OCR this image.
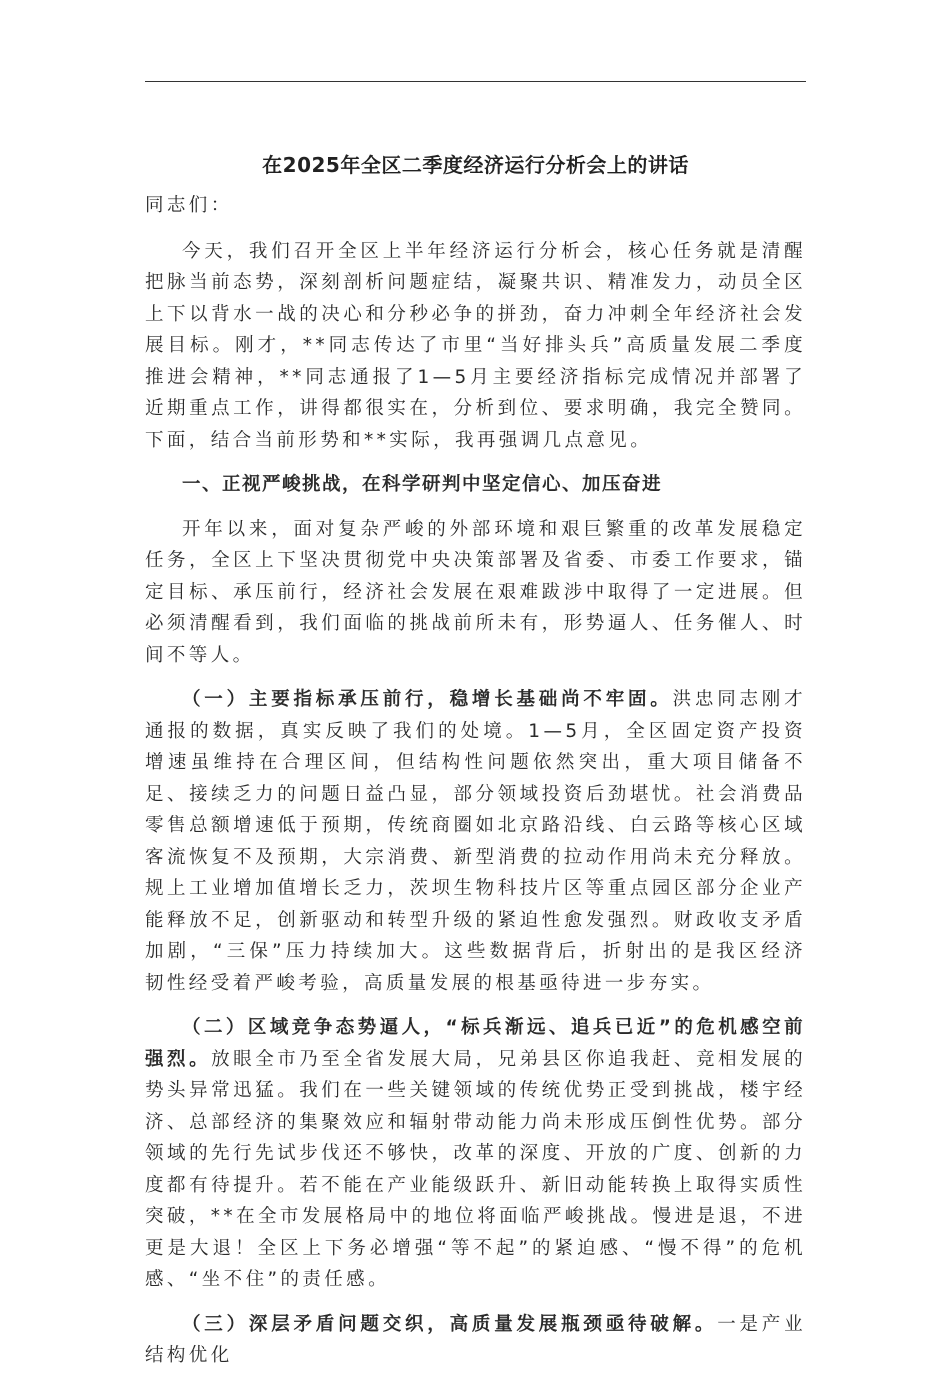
在2025年全区二季度经济运行分析会上的讲话

同志们：

今天，我们召开全区上半年经济运行分析会，核心任务就是清醒把脉当前态势，深刻剖析问题症结，凝聚共识、精准发力，动员全区上下以背水一战的决心和分秒必争的拼劲，奋力冲刺全年经济社会发展目标。刚才，**同志传达了市里“当好排头兵”高质量发展二季度推进会精神，**同志通报了1—5月主要经济指标完成情况并部署了近期重点工作，讲得都很实在，分析到位、要求明确，我完全赞同。下面，结合当前形势和**实际，我再强调几点意见。

一、正视严峻挑战，在科学研判中坚定信心、加压奋进

开年以来，面对复杂严峻的外部环境和艰巨繁重的改革发展稳定任务，全区上下坚决贯彻党中央决策部署及省委、市委工作要求，锚定目标、承压前行，经济社会发展在艰难跋涉中取得了一定进展。但必须清醒看到，我们面临的挑战前所未有，形势逼人、任务催人、时间不等人。

（一）主要指标承压前行，稳增长基础尚不牢固。洪忠同志刚才通报的数据，真实反映了我们的处境。1—5月，全区固定资产投资增速虽维持在合理区间，但结构性问题依然突出，重大项目储备不足、接续乏力的问题日益凸显，部分领域投资后劲堪忧。社会消费品零售总额增速低于预期，传统商圈如北京路沿线、白云路等核心区域客流恢复不及预期，大宗消费、新型消费的拉动作用尚未充分释放。规上工业增加值增长乏力，茨坝生物科技片区等重点园区部分企业产能释放不足，创新驱动和转型升级的紧迫性愈发强烈。财政收支矛盾加剧，“三保”压力持续加大。这些数据背后，折射出的是我区经济韧性经受着严峻考验，高质量发展的根基亟待进一步夯实。

（二）区域竞争态势逼人，“标兵渐远、追兵已近”的危机感空前强烈。放眼全市乃至全省发展大局，兄弟县区你追我赶、竞相发展的势头异常迅猛。我们在一些关键领域的传统优势正受到挑战，楼宇经济、总部经济的集聚效应和辐射带动能力尚未形成压倒性优势。部分领域的先行先试步伐还不够快，改革的深度、开放的广度、创新的力度都有待提升。若不能在产业能级跃升、新旧动能转换上取得实质性突破，**在全市发展格局中的地位将面临严峻挑战。慢进是退，不进更是大退！全区上下务必增强“等不起”的紧迫感、“慢不得”的危机感、“坐不住”的责任感。

（三）深层矛盾问题交织，高质量发展瓶颈亟待破解。一是产业结构优化
